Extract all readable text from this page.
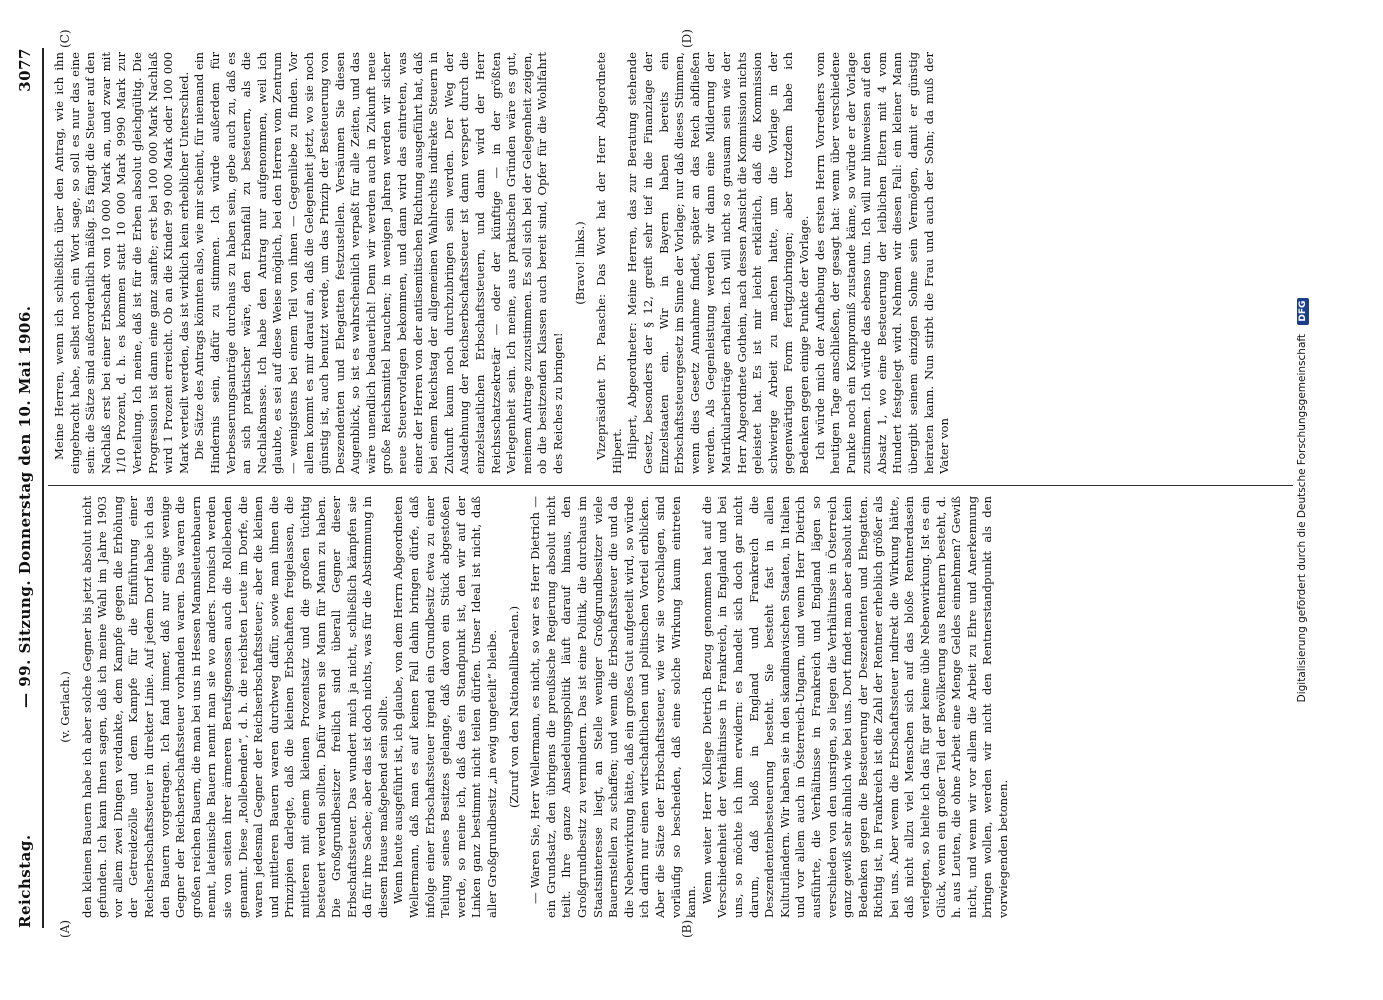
Reichstag.
— 99. Sitzung. Donnerstag den 10. Mai 1906.
3077
(A)	(B)
(C)	(D)

(v. Gerlach.) den kleinen Bauern habe ich aber solche Gegner bis jetzt absolut nicht gefunden. Ich kann Ihnen sagen, daß ich meine Wahl im Jahre 1903 vor allem zwei Dingen verdankte, dem Kampfe gegen die Erhöhung der Getreidezölle und dem Kampfe für die Einführung einer Reichserbschaftssteuer in direkter Linie. Auf jedem Dorf habe ich das den Bauern vorgetragen. Ich fand immer, daß nur einige wenige Gegner der Reichserbschaftssteuer vorhanden waren. Das waren die großen reichen Bauern, die man bei uns in Hessen Mannsleutenbauern nennt, lateinische Bauern nennt man sie wo anders. Ironisch werden sie von seiten ihrer ärmeren Berufsgenossen auch die Rollebenden genannt. Diese „Rollebenden“, d. h. die reichsten Leute im Dorfe, die waren jedesmal Gegner der Reichserbschaftssteuer; aber die kleinen und mittleren Bauern waren durchweg dafür, sowie man ihnen die Prinzipien darlegte, daß die kleinen Erbschaften freigelassen, die mittleren mit einem kleinen Prozentsatz und die großen tüchtig besteuert werden sollten. Dafür waren sie Mann für Mann zu haben. Die Großgrundbesitzer freilich sind überall Gegner dieser Erbschaftssteuer. Das wundert mich ja nicht, schließlich kämpfen sie da für ihre Sache; aber das ist doch nichts, was für die Abstimmung in diesem Hause maßgebend sein sollte. Wenn heute ausgeführt ist, ich glaube, von dem Herrn Abgeordneten Wellermann, daß man es auf keinen Fall dahin bringen dürfe, daß infolge einer Erbschaftssteuer irgend ein Grundbesitz etwa zu einer Teilung seines Besitzes gelange, daß davon ein Stück abgestoßen werde, so meine ich, daß das ein Standpunkt ist, den wir auf der Linken ganz bestimmt nicht teilen dürfen. Unser Ideal ist nicht, daß aller Großgrundbesitz „in ewig ungeteilt“ bleibe. (Zuruf von den Nationalliberalen.) — Waren Sie, Herr Wellermann, es nicht, so war es Herr Dietrich — ein Grundsatz, den übrigens die preußische Regierung absolut nicht teilt. Ihre ganze Ansiedelungspolitik läuft darauf hinaus, den Großgrundbesitz zu vermindern. Das ist eine Politik, die durchaus im Staatsinteresse liegt, an Stelle weniger Großgrundbesitzer viele Bauernstellen zu schaffen; und wenn die Erbschaftssteuer die und da die Nebenwirkung hätte, daß ein großes Gut aufgeteilt wird, so würde ich darin nur einen wirtschaftlichen und politischen Vorteil erblicken. Aber die Sätze der Erbschaftssteuer, wie wir sie vorschlagen, sind vorläufig so bescheiden, daß eine solche Wirkung kaum eintreten kann. Wenn weiter Herr Kollege Dietrich Bezug genommen hat auf die Verschiedenheit der Verhältnisse in Frankreich, in England und bei uns, so möchte ich ihm erwidern: es handelt sich doch gar nicht darum, daß bloß in England und Frankreich die Deszendentenbesteuerung besteht. Sie besteht fast in allen Kulturländern. Wir haben sie in den skandinavischen Staaten, in Italien und vor allem auch in Österreich-Ungarn, und wenn Herr Dietrich ausführte, die Verhältnisse in Frankreich und England lägen so verschieden von den unsrigen, so liegen die Verhältnisse in Österreich ganz gewiß sehr ähnlich wie bei uns. Dort findet man aber absolut kein Bedenken gegen die Besteuerung der Deszendenten und Ehegatten. Richtig ist, in Frankreich ist die Zahl der Rentner erheblich größer als bei uns. Aber wenn die Erbschaftssteuer indirekt die Wirkung hätte, daß nicht allzu viel Menschen sich auf das bloße Rentnerdasein verlegten, so hielte ich das für gar keine üble Nebenwirkung. Ist es ein Glück, wenn ein großer Teil der Bevölkerung aus Rentnern besteht, d. h. aus Leuten, die ohne Arbeit eine Menge Geldes einnehmen? Gewiß nicht, und wenn wir vor allem die Arbeit zu Ehre und Anerkennung bringen wollen, werden wir nicht den Rentnerstandpunkt als den vorwiegenden betonen.

Meine Herren, wenn ich schließlich über den Antrag, wie ich ihn eingebracht habe, selbst noch ein Wort sage, so soll es nur das eine sein: die Sätze sind außerordentlich mäßig. Es fängt die Steuer auf den Nachlaß erst bei einer Erbschaft von 10 000 Mark an, und zwar mit 1/10 Prozent, d. h. es kommen statt 10 000 Mark 9990 Mark zur Verteilung. Ich meine, daß ist für die Erben absolut gleichgültig. Die Progression ist dann eine ganz sanfte; erst bei 100 000 Mark Nachlaß wird 1 Prozent erreicht. Ob an die Kinder 99 000 Mark oder 100 000 Mark verteilt werden, das ist wirklich kein erheblicher Unterschied. Die Sätze des Antrags könnten also, wie mir scheint, für niemand ein Hindernis sein, dafür zu stimmen. Ich würde außerdem für Verbesserungsanträge durchaus zu haben sein, gebe auch zu, daß es an sich praktischer wäre, den Erbanfall zu besteuern, als die Nachlaßmasse. Ich habe den Antrag nur aufgenommen, weil ich glaubte, es sei auf diese Weise möglich, bei den Herren vom Zentrum — wenigstens bei einem Teil von ihnen — Gegenliebe zu finden. Vor allem kommt es mir darauf an, daß die Gelegenheit jetzt, wo sie noch günstig ist, auch benutzt werde, um das Prinzip der Besteuerung von Deszendenten und Ehegatten festzustellen. Versäumen Sie diesen Augenblick, so ist es wahrscheinlich verpaßt für alle Zeiten, und das wäre unendlich bedauerlich! Denn wir werden auch in Zukunft neue große Reichsmittel brauchen; in wenigen Jahren werden wir sicher neue Steuervorlagen bekommen, und dann wird das eintreten, was einer der Herren von der antisemitischen Richtung ausgeführt hat, daß bei einem Reichstag der allgemeinen Wahlrechts indirekte Steuern in Zukunft kaum noch durchzubringen sein werden. Der Weg der Ausdehnung der Reichserbschaftssteuer ist dann verspert durch die einzelstaatlichen Erbschaftssteuern, und dann wird der Herr Reichsschatzsekretär — oder der künftige — in der größten Verlegenheit sein. Ich meine, aus praktischen Gründen wäre es gut, meinem Antrage zuzustimmen. Es soll sich bei der Gelegenheit zeigen, ob die besitzenden Klassen auch bereit sind, Opfer für die Wohlfahrt des Reiches zu bringen!

(Bravo! links.) Vizepräsident Dr. Paasche: Das Wort hat der Herr Abgeordnete Hilpert. Hilpert, Abgeordneter: Meine Herren, das zur Beratung stehende Gesetz, besonders der § 12, greift sehr tief in die Finanzlage der Einzelstaaten ein. Wir in Bayern haben bereits ein Erbschaftssteuergesetz im Sinne der Vorlage; nur daß dieses Stimmen, wenn dies Gesetz Annahme findet, später an das Reich abfließen werden. Als Gegenleistung werden wir dann eine Milderung der Matrikularbeiträge erhalten. Ich will nicht so grausam sein wie der Herr Abgeordnete Gothein, nach dessen Ansicht die Kommission nichts geleistet hat. Es ist mir leicht erklärlich, daß die Kommission schwierige Arbeit zu machen hatte, um die Vorlage in der gegenwärtigen Form fertigzubringen; aber trotzdem habe ich Bedenken gegen einige Punkte der Vorlage. Ich würde mich der Aufhebung des ersten Herrn Vorredners vom heutigen Tage anschließen, der gesagt hat: wenn über verschiedene Punkte noch ein Kompromiß zustande käme, so würde er der Vorlage zustimmen. Ich würde das ebenso tun. Ich will nur hinweisen auf den Absatz 1, wo eine Besteuerung der leiblichen Eltern mit 4 vom Hundert festgelegt wird. Nehmen wir diesen Fall: ein kleiner Mann übergibt seinem einzigen Sohne sein Vermögen, damit er günstig heiraten kann. Nun stirbt die Frau und auch der Sohn; da muß der Vater von	Digitalisierung gefördert durch die Deutsche Forschungsgemeinschaft DFG
